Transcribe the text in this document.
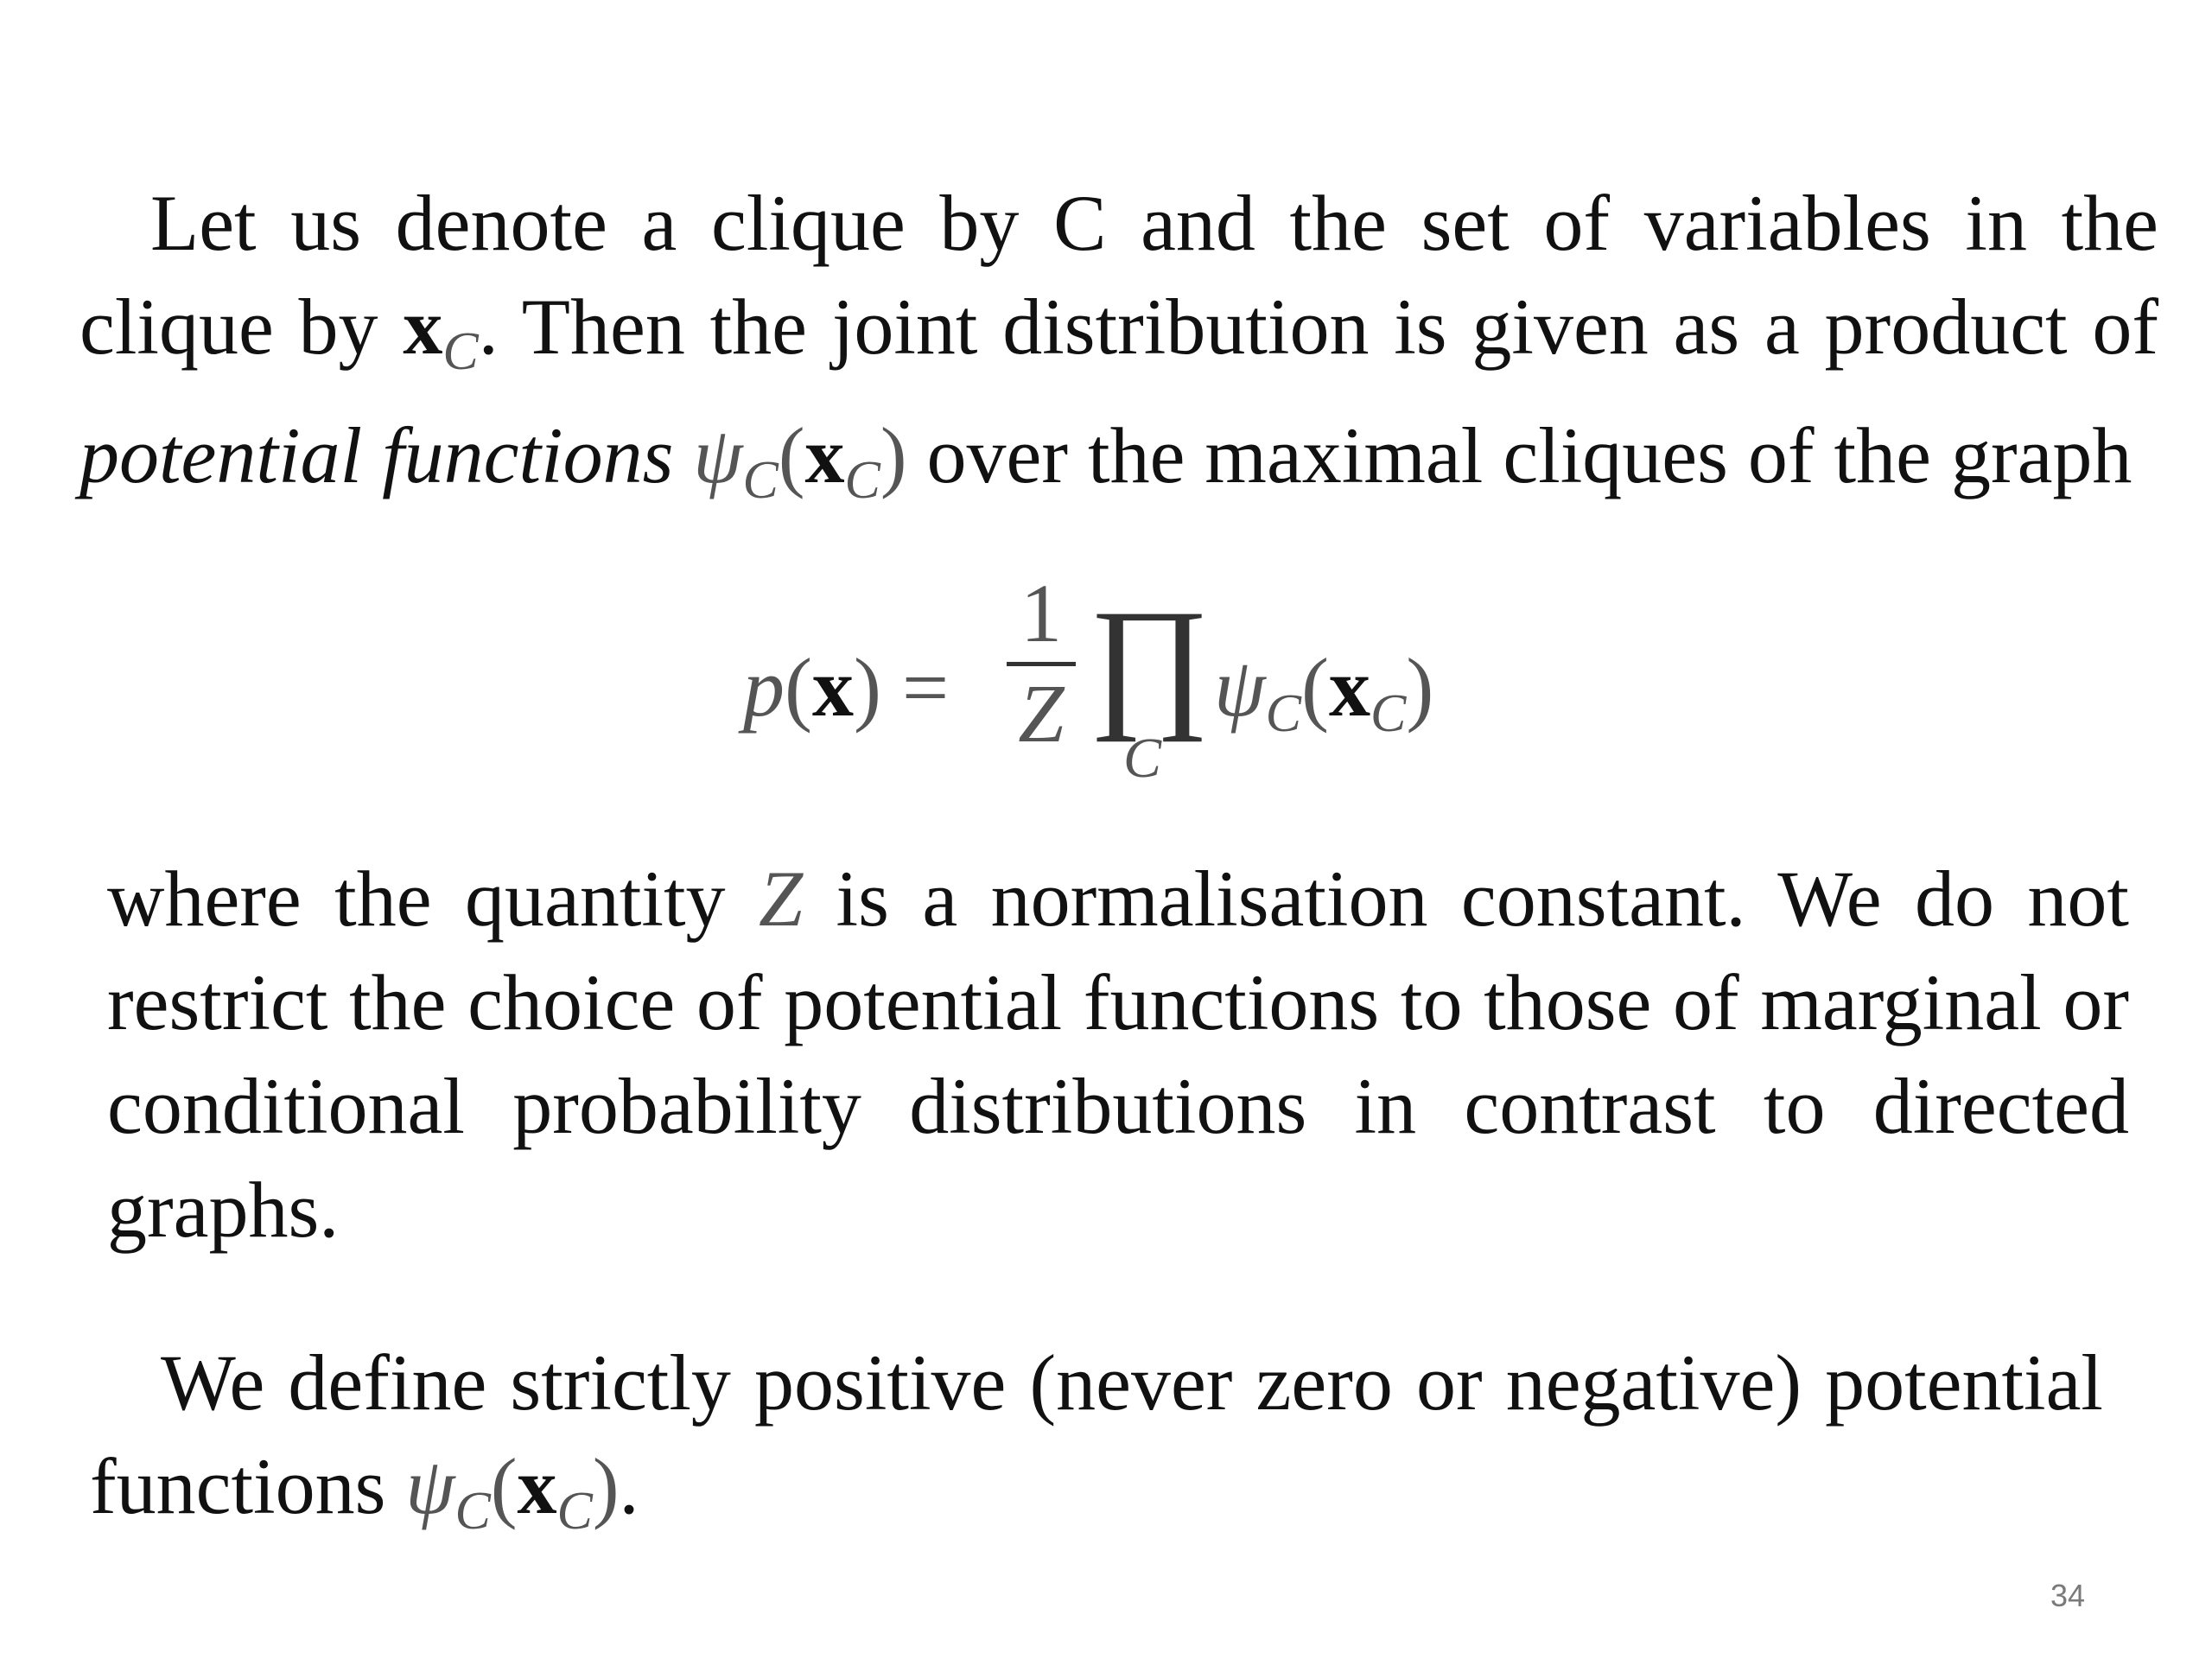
Let us denote a clique by C and the set of variables in the clique by $x_C$. Then the joint distribution is given as a product of potential functions $\psi_C(x_C)$ over the maximal cliques of the graph
p(x) =
1
Z ∏
C
$\psi_C(x_C)$
where the quantity Z is a normalisation constant. We do not restrict the choice of potential functions to those of marginal or conditional probability distributions in contrast to directed graphs.
We define strictly positive (never zero or negative) potential functions $\psi_C(x_C)$.
34
